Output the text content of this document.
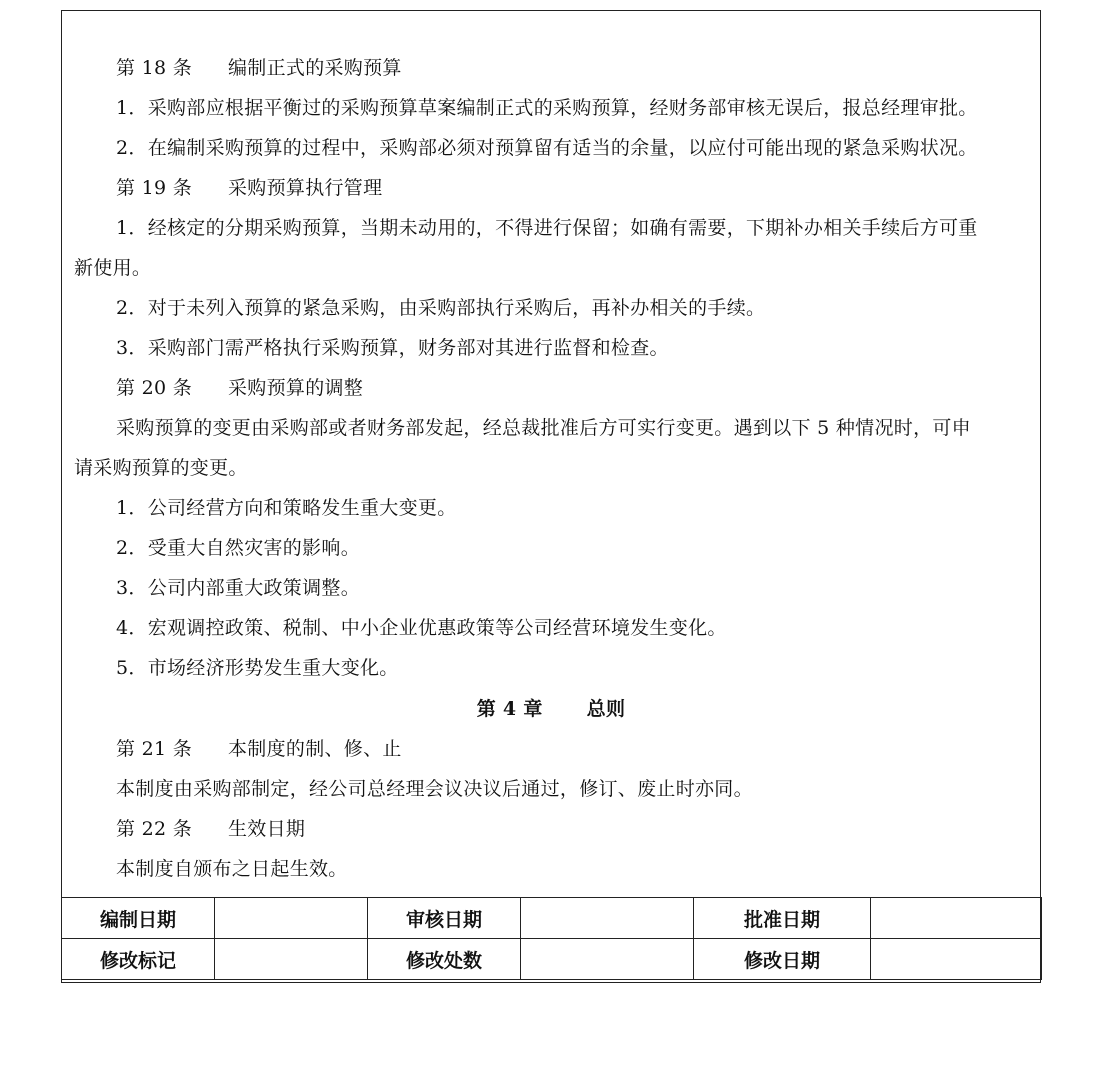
第 18 条 编制正式的采购预算
1．采购部应根据平衡过的采购预算草案编制正式的采购预算，经财务部审核无误后，报总经理审批。
2．在编制采购预算的过程中，采购部必须对预算留有适当的余量，以应付可能出现的紧急采购状况。
第 19 条 采购预算执行管理
1．经核定的分期采购预算，当期未动用的，不得进行保留；如确有需要，下期补办相关手续后方可重
新使用。
2．对于未列入预算的紧急采购，由采购部执行采购后，再补办相关的手续。
3．采购部门需严格执行采购预算，财务部对其进行监督和检查。
第 20 条 采购预算的调整
采购预算的变更由采购部或者财务部发起，经总裁批准后方可实行变更。遇到以下 5 种情况时，可申
请采购预算的变更。
1．公司经营方向和策略发生重大变更。
2．受重大自然灾害的影响。
3．公司内部重大政策调整。
4．宏观调控政策、税制、中小企业优惠政策等公司经营环境发生变化。
5．市场经济形势发生重大变化。
第 4 章 总则
第 21 条 本制度的制、修、止
本制度由采购部制定，经公司总经理会议决议后通过，修订、废止时亦同。
第 22 条 生效日期
本制度自颁布之日起生效。
编制日期		审核日期		批准日期	
修改标记		修改处数		修改日期	
